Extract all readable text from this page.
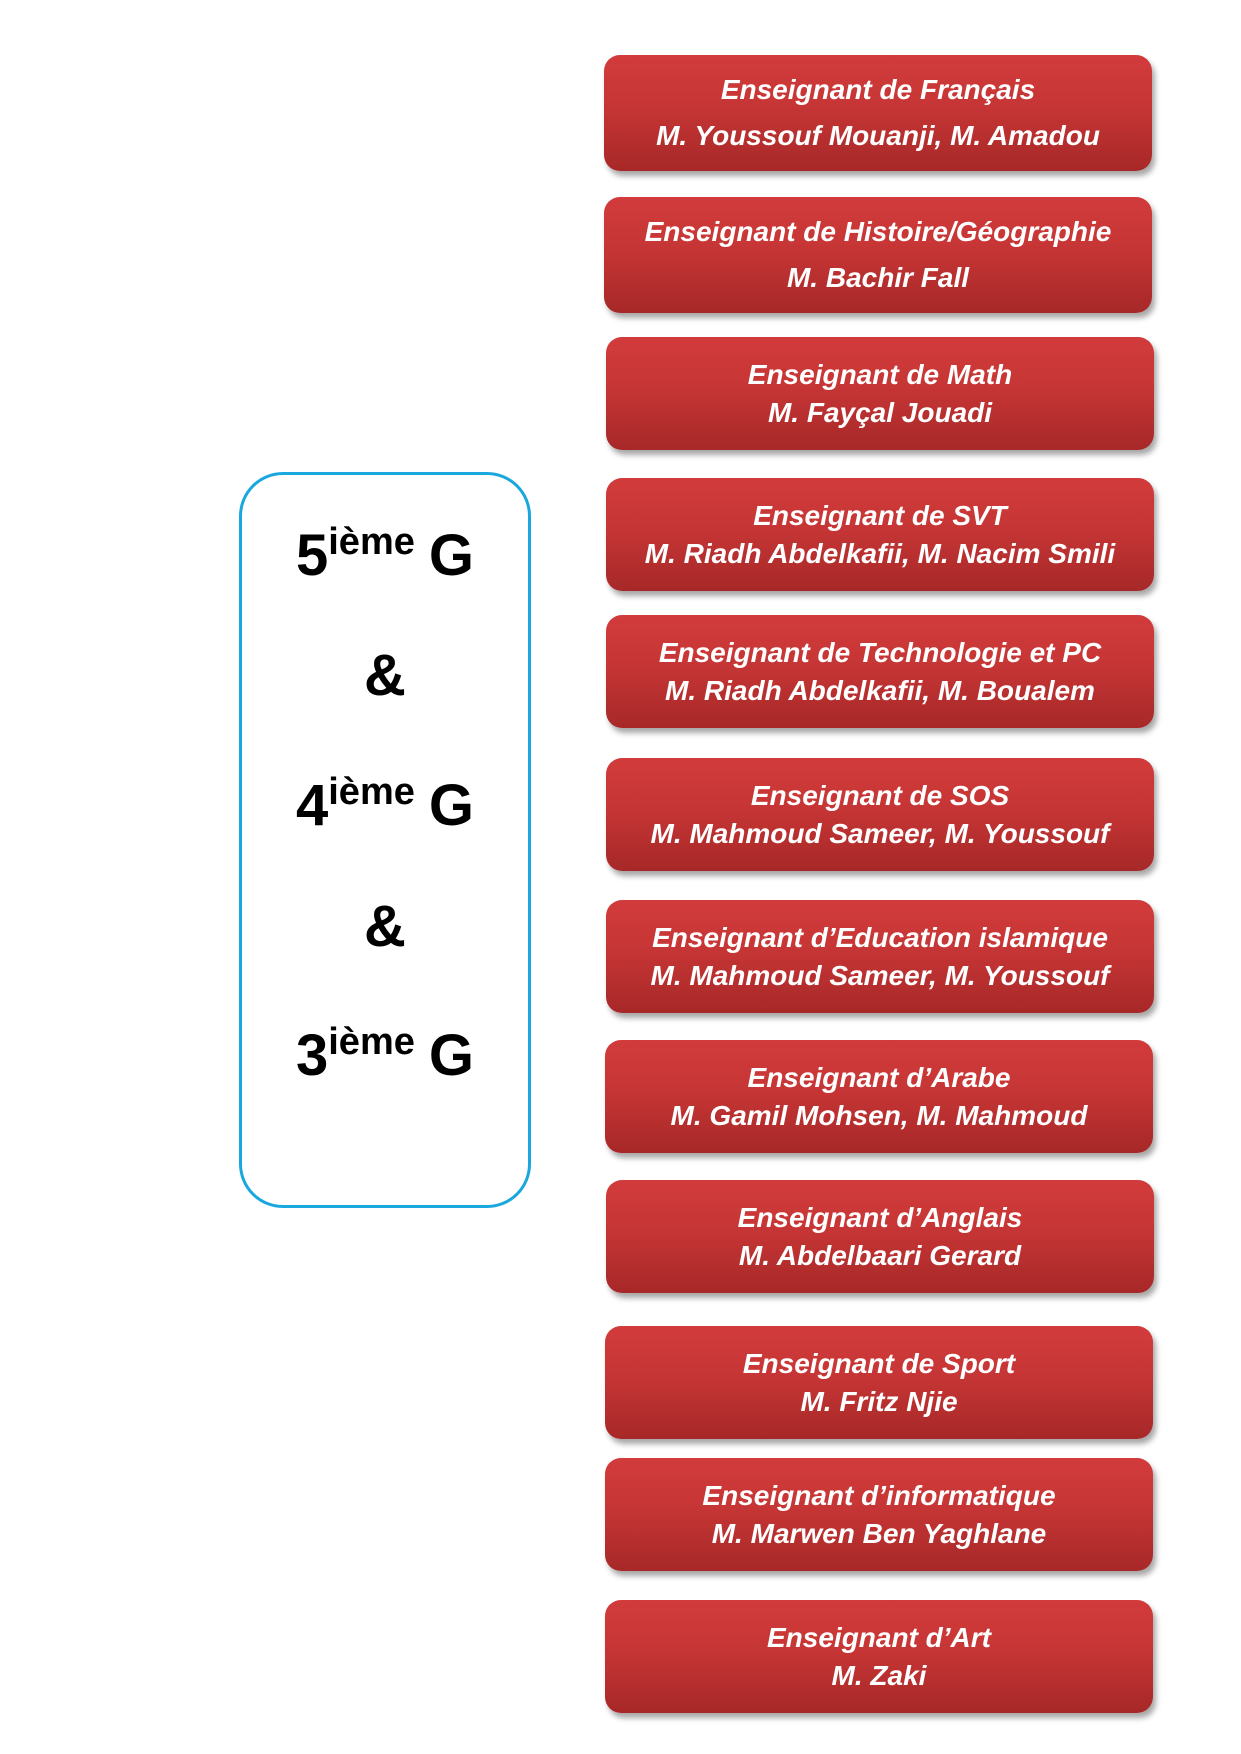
5ième G
&
4ième G
&
3ième G
Enseignant de Français
M. Youssouf Mouanji, M. Amadou
Enseignant de Histoire/Géographie
M. Bachir Fall
Enseignant de Math
M. Fayçal Jouadi
Enseignant de SVT
M. Riadh Abdelkafii, M. Nacim Smili
Enseignant de Technologie et PC
M. Riadh Abdelkafii, M. Boualem
Enseignant de SOS
M. Mahmoud Sameer, M. Youssouf
Enseignant d’Education islamique
M. Mahmoud Sameer, M. Youssouf
Enseignant d’Arabe
M. Gamil Mohsen, M. Mahmoud
Enseignant d’Anglais
M. Abdelbaari Gerard
Enseignant de Sport
M. Fritz Njie
Enseignant d’informatique
M. Marwen Ben Yaghlane
Enseignant d’Art
M. Zaki
